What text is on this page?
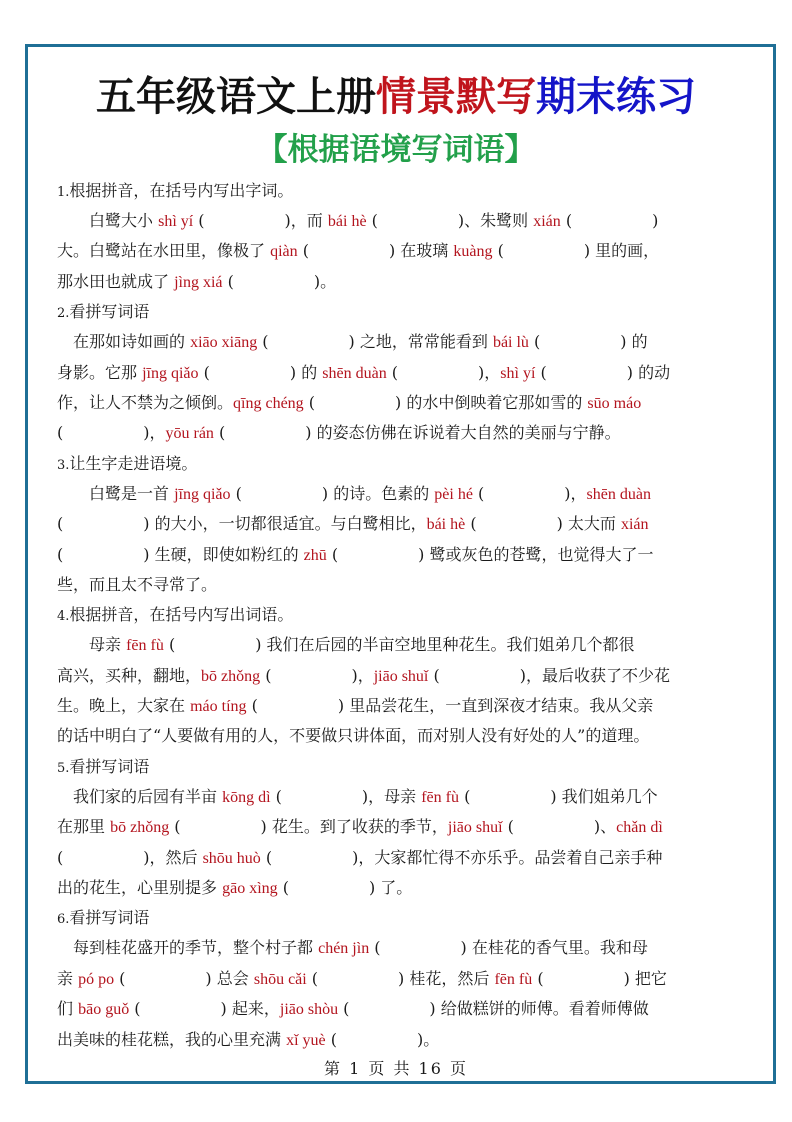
五年级语文上册情景默写期末练习
【根据语境写词语】
1.根据拼音，在括号内写出字词。
　　白鹭大小 shì yí (　　　　　)，而 bái hè (　　　　　)、朱鹭则 xián (　　　　　)
大。白鹭站在水田里，像极了 qiàn (　　　　　) 在玻璃 kuàng (　　　　　) 里的画，
那水田也就成了 jìng xiá (　　　　　)。
2.看拼写词语
　在那如诗如画的 xiāo xiāng (　　　　　) 之地，常常能看到 bái lù (　　　　　) 的
身影。它那 jīng qiǎo (　　　　　) 的 shēn duàn (　　　　　)，shì yí (　　　　　) 的动
作，让人不禁为之倾倒。qīng chéng (　　　　　) 的水中倒映着它那如雪的 sūo máo
(　　　　　)，yōu rán (　　　　　) 的姿态仿佛在诉说着大自然的美丽与宁静。
3.让生字走进语境。
　　白鹭是一首 jīng qiǎo (　　　　　) 的诗。色素的 pèi hé (　　　　　)，shēn duàn
(　　　　　) 的大小，一切都很适宜。与白鹭相比，bái hè (　　　　　) 太大而 xián
(　　　　　) 生硬，即使如粉红的 zhū (　　　　　) 鹭或灰色的苍鹭，也觉得大了一
些，而且太不寻常了。
4.根据拼音，在括号内写出词语。
　　母亲 fēn fù (　　　　　) 我们在后园的半亩空地里种花生。我们姐弟几个都很
高兴，买种，翻地，bō zhǒng (　　　　　)，jiāo shuǐ (　　　　　)，最后收获了不少花
生。晚上，大家在 máo tíng (　　　　　) 里品尝花生，一直到深夜才结束。我从父亲
的话中明白了“人要做有用的人，不要做只讲体面，而对别人没有好处的人”的道理。
5.看拼写词语
　我们家的后园有半亩 kōng dì (　　　　　)，母亲 fēn fù (　　　　　) 我们姐弟几个
在那里 bō zhǒng (　　　　　) 花生。到了收获的季节，jiāo shuǐ (　　　　　)、chǎn dì
(　　　　　)，然后 shōu huò (　　　　　)，大家都忙得不亦乐乎。品尝着自己亲手种
出的花生，心里别提多 gāo xìng (　　　　　) 了。
6.看拼写词语
　每到桂花盛开的季节，整个村子都 chén jìn (　　　　　) 在桂花的香气里。我和母
亲 pó po (　　　　　) 总会 shōu cǎi (　　　　　) 桂花，然后 fēn fù (　　　　　) 把它
们 bāo guǒ (　　　　　) 起来，jiāo shòu (　　　　　) 给做糕饼的师傅。看着师傅做
出美味的桂花糕，我的心里充满 xǐ yuè (　　　　　)。
第 1 页 共 16 页
